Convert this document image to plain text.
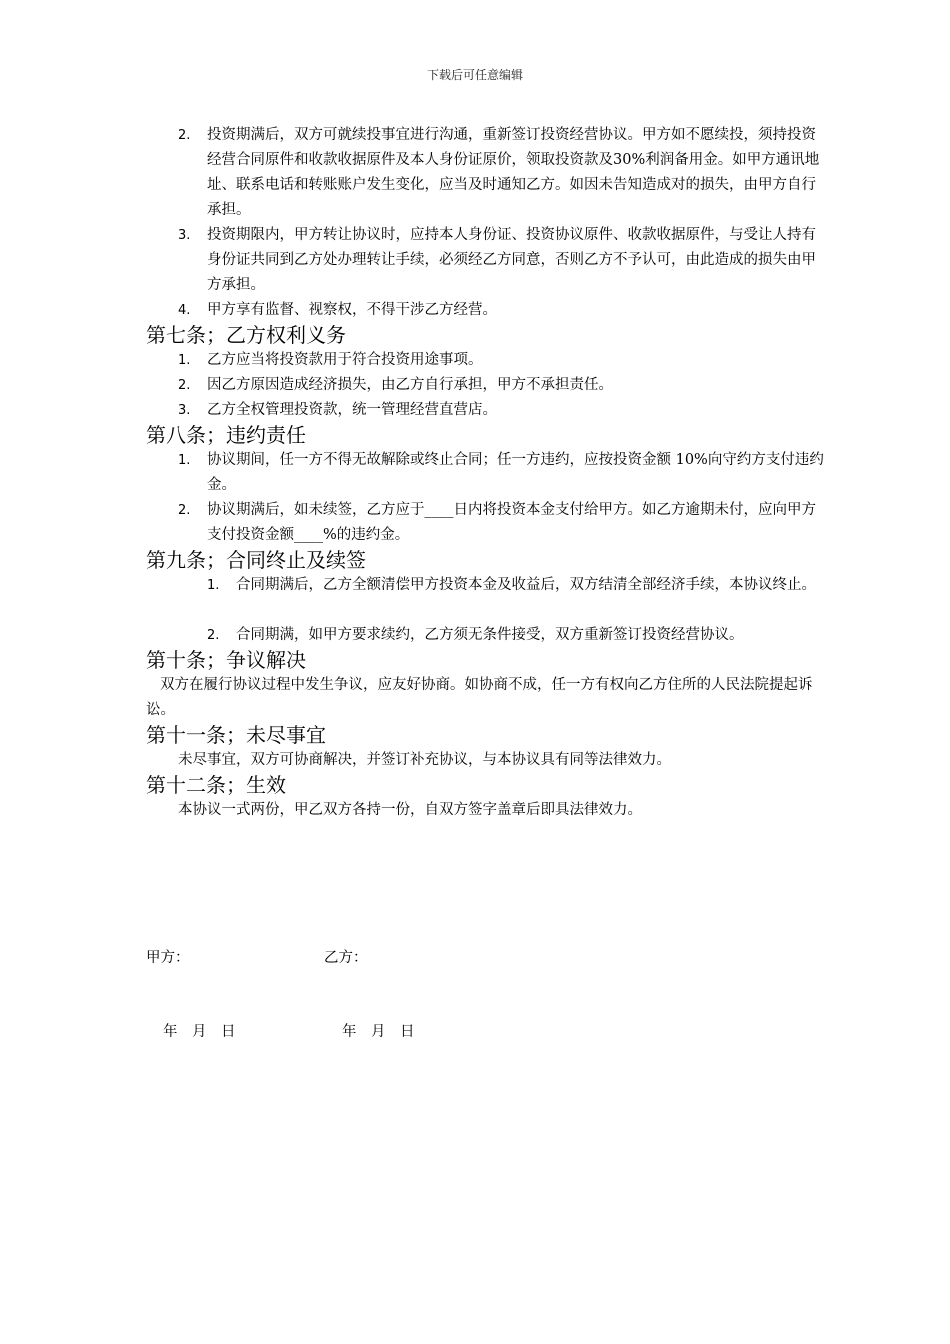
下载后可任意编辑
2. 投资期满后，双方可就续投事宜进行沟通，重新签订投资经营协议。甲方如不愿续投，须持投资经营合同原件和收款收据原件及本人身份证原价，领取投资款及30%利润备用金。如甲方通讯地址、联系电话和转账账户发生变化，应当及时通知乙方。如因未告知造成对的损失，由甲方自行承担。
3. 投资期限内，甲方转让协议时，应持本人身份证、投资协议原件、收款收据原件，与受让人持有身份证共同到乙方处办理转让手续，必须经乙方同意，否则乙方不予认可，由此造成的损失由甲方承担。
4. 甲方享有监督、视察权，不得干涉乙方经营。
第七条；乙方权利义务
1. 乙方应当将投资款用于符合投资用途事项。
2. 因乙方原因造成经济损失，由乙方自行承担，甲方不承担责任。
3. 乙方全权管理投资款，统一管理经营直营店。
第八条；违约责任
1. 协议期间，任一方不得无故解除或终止合同；任一方违约，应按投资金额 10%向守约方支付违约金。
2. 协议期满后，如未续签，乙方应于____日内将投资本金支付给甲方。如乙方逾期未付，应向甲方支付投资金额____%的违约金。
第九条；合同终止及续签
1. 合同期满后，乙方全额清偿甲方投资本金及收益后，双方结清全部经济手续，本协议终止。
2. 合同期满，如甲方要求续约，乙方须无条件接受，双方重新签订投资经营协议。
第十条；争议解决

双方在履行协议过程中发生争议，应友好协商。如协商不成，任一方有权向乙方住所的人民法院提起诉讼。

第十一条；未尽事宜

未尽事宜，双方可协商解决，并签订补充协议，与本协议具有同等法律效力。

第十二条；生效

本协议一式两份，甲乙双方各持一份，自双方签字盖章后即具法律效力。

甲方：	乙方：
年　月　日	年　月　日
